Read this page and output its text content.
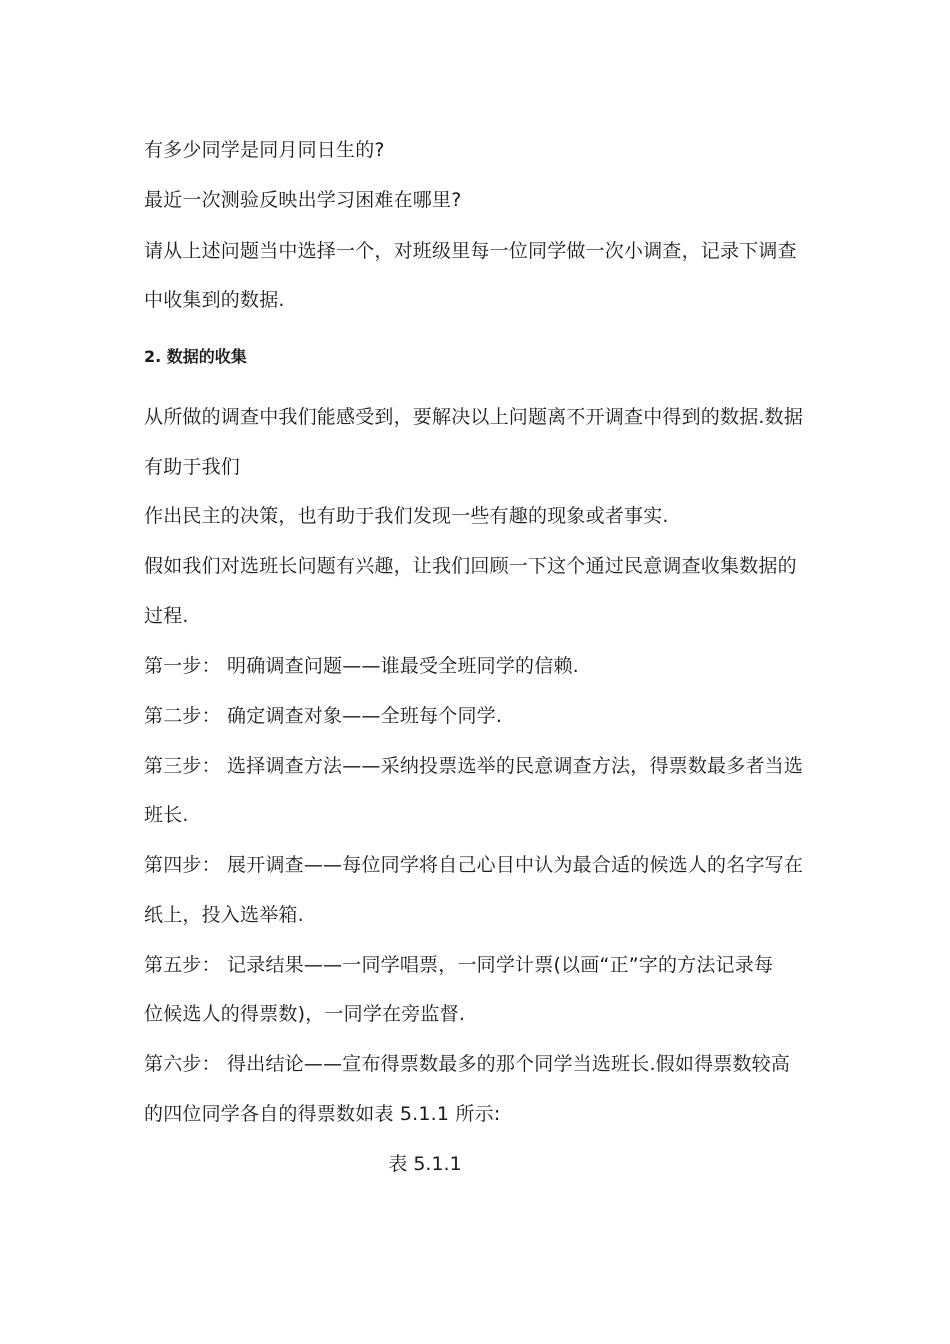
有多少同学是同月同日生的?
最近一次测验反映出学习困难在哪里?
请从上述问题当中选择一个，对班级里每一位同学做一次小调查，记录下调查
中收集到的数据.
2. 数据的收集
从所做的调查中我们能感受到，要解决以上问题离不开调查中得到的数据.数据
有助于我们
作出民主的决策，也有助于我们发现一些有趣的现象或者事实.
假如我们对选班长问题有兴趣，让我们回顾一下这个通过民意调查收集数据的
过程.
第一步： 明确调查问题——谁最受全班同学的信赖.
第二步： 确定调查对象——全班每个同学.
第三步： 选择调查方法——采纳投票选举的民意调查方法，得票数最多者当选
班长.
第四步： 展开调查——每位同学将自己心目中认为最合适的候选人的名字写在
纸上，投入选举箱.
第五步： 记录结果——一同学唱票，一同学计票(以画“正”字的方法记录每
位候选人的得票数)，一同学在旁监督.
第六步： 得出结论——宣布得票数最多的那个同学当选班长.假如得票数较高
的四位同学各自的得票数如表 5.1.1 所示:
表 5.1.1
